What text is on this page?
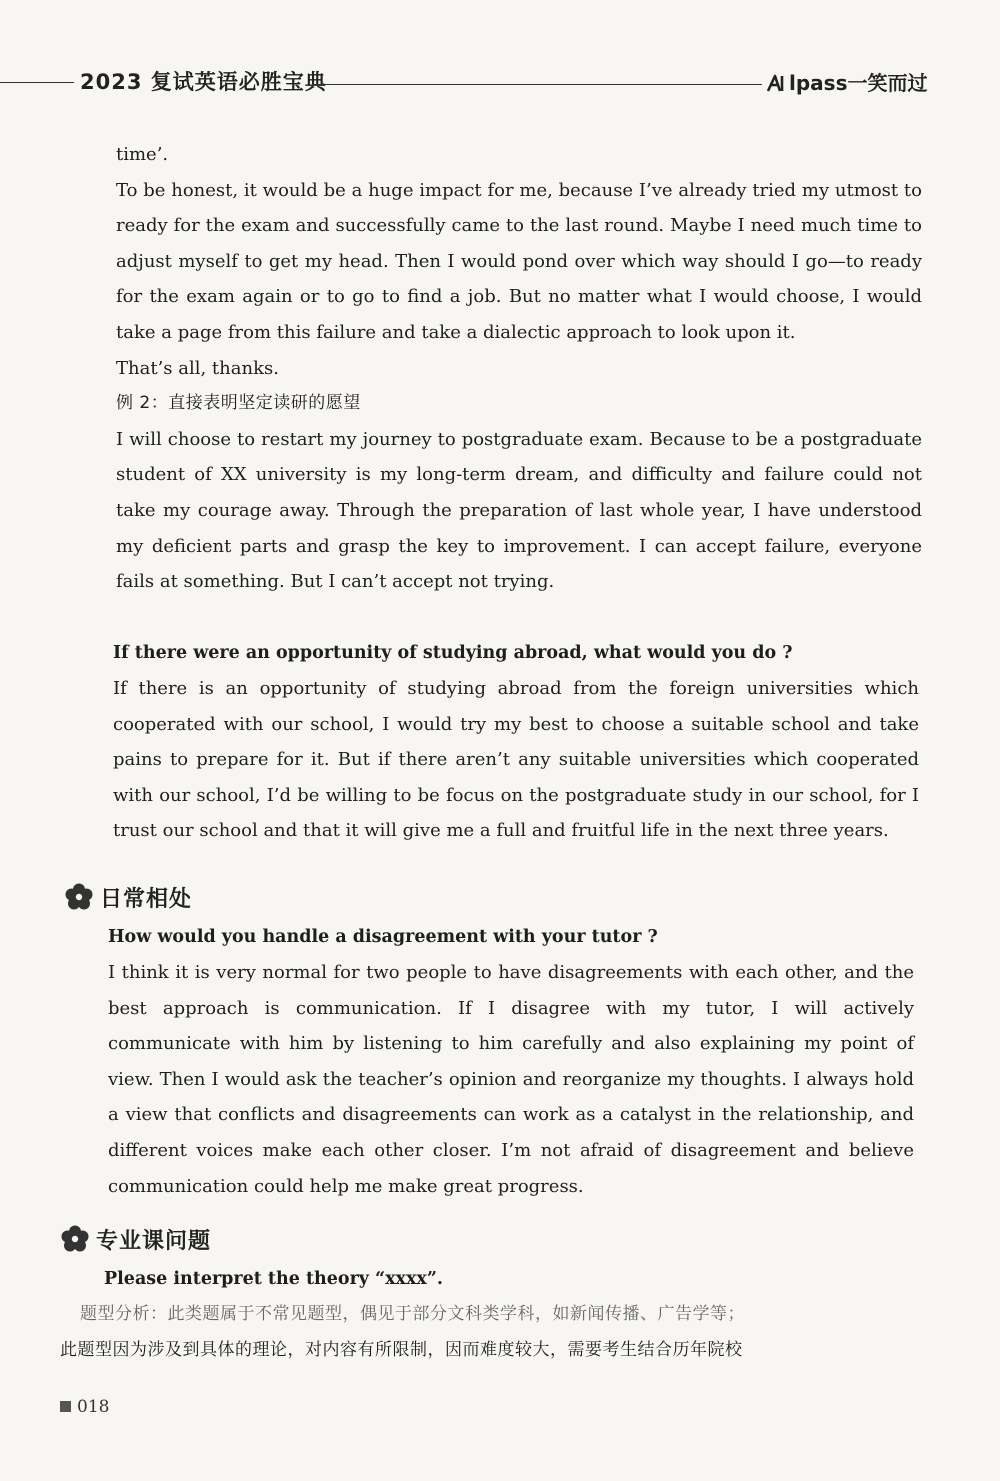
2023 复试英语必胜宝典	lpass一笑而过

time’.

To be honest, it would be a huge impact for me, because I’ve already tried my utmost to ready for the exam and successfully came to the last round. Maybe I need much time to adjust myself to get my head. Then I would pond over which way should I go—to ready for the exam again or to go to find a job. But no matter what I would choose, I would take a page from this failure and take a dialectic approach to look upon it.

That’s all, thanks.

例 2：直接表明坚定读研的愿望

I will choose to restart my journey to postgraduate exam. Because to be a postgraduate student of XX university is my long-term dream, and difficulty and failure could not take my courage away. Through the preparation of last whole year, I have understood my deficient parts and grasp the key to improvement. I can accept failure, everyone fails at something. But I can’t accept not trying.

If there were an opportunity of studying abroad, what would you do ?

If there is an opportunity of studying abroad from the foreign universities which cooperated with our school, I would try my best to choose a suitable school and take pains to prepare for it. But if there aren’t any suitable universities which cooperated with our school, I’d be willing to be focus on the postgraduate study in our school, for I trust our school and that it will give me a full and fruitful life in the next three years.

日常相处

How would you handle a disagreement with your tutor ?

I think it is very normal for two people to have disagreements with each other, and the best approach is communication. If I disagree with my tutor, I will actively communicate with him by listening to him carefully and also explaining my point of view. Then I would ask the teacher’s opinion and reorganize my thoughts. I always hold a view that conflicts and disagreements can work as a catalyst in the relationship, and different voices make each other closer. I’m not afraid of disagreement and believe communication could help me make great progress.

专业课问题

Please interpret the theory “xxxx”.

题型分析：此类题属于不常见题型，偶见于部分文科类学科，如新闻传播、广告学等；

此题型因为涉及到具体的理论，对内容有所限制，因而难度较大，需要考生结合历年院校

018
